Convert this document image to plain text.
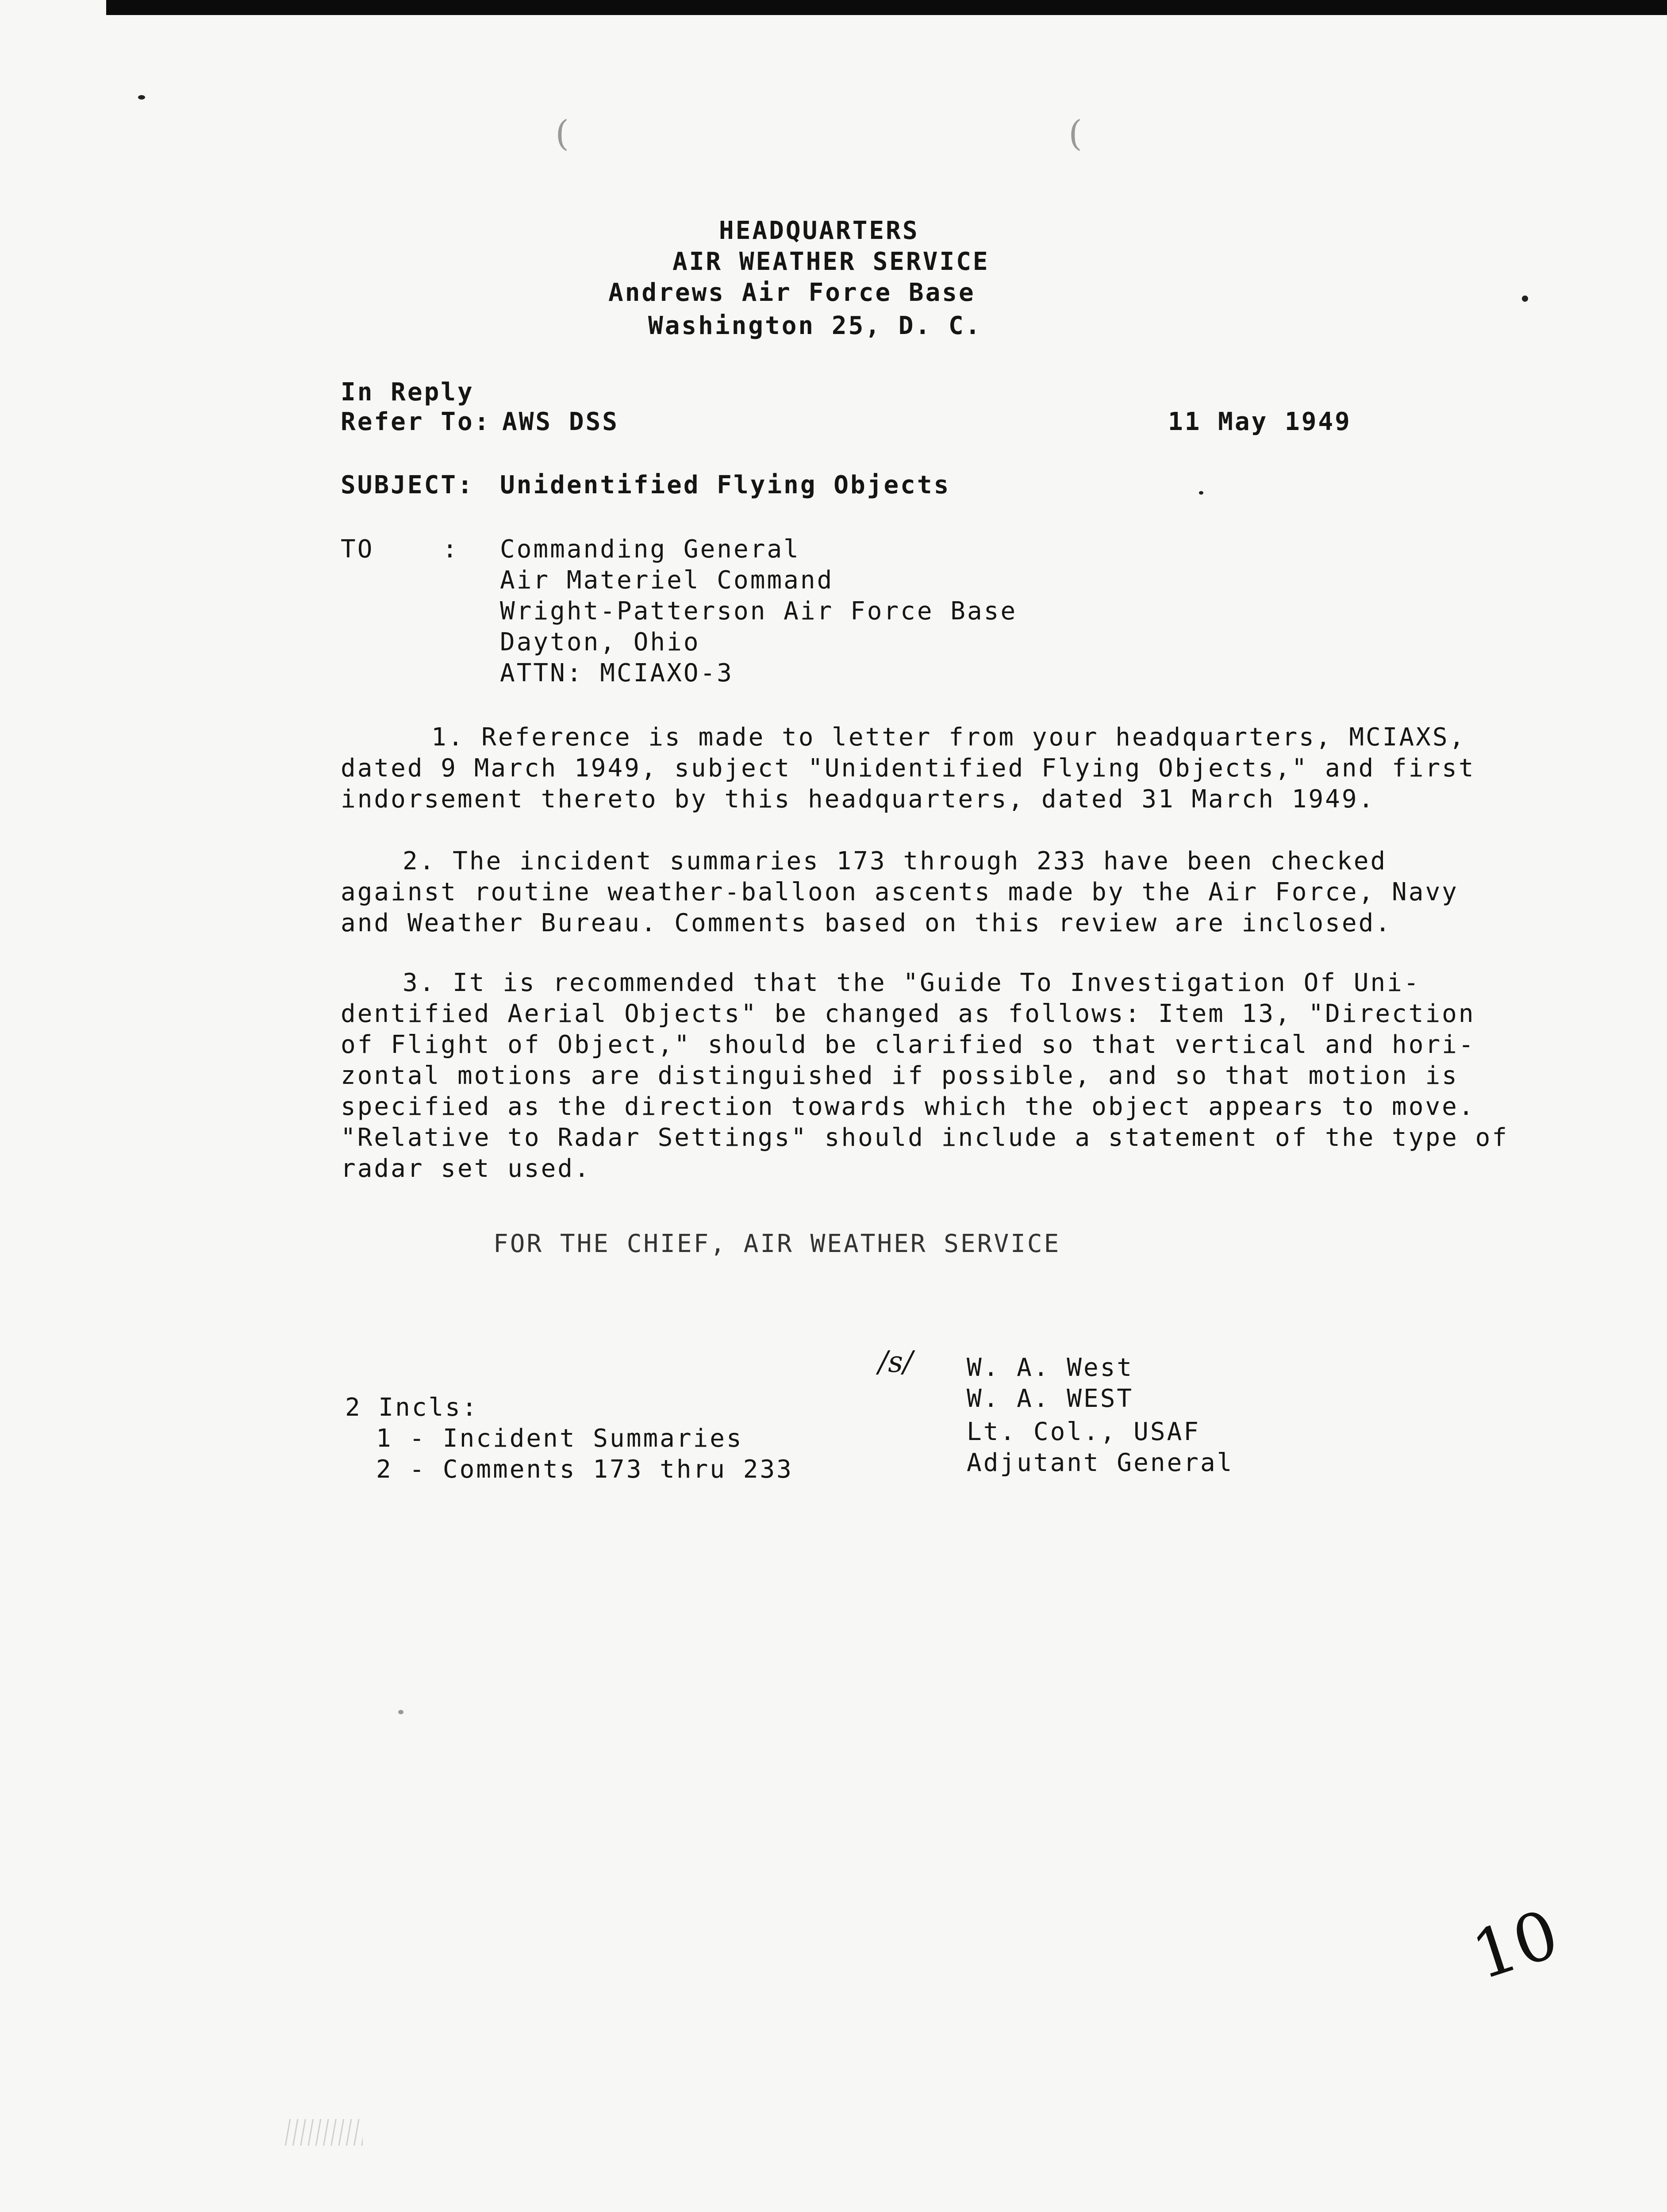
(	(
HEADQUARTERS
AIR WEATHER SERVICE
Andrews Air Force Base
Washington 25, D. C.
In Reply
Refer To: AWS DSS	11 May 1949
SUBJECT: Unidentified Flying Objects
TO	: Commanding General
Air Materiel Command
Wright-Patterson Air Force Base
Dayton, Ohio
ATTN: MCIAXO-3
1. Reference is made to letter from your headquarters, MCIAXS,
dated 9 March 1949, subject "Unidentified Flying Objects," and first
indorsement thereto by this headquarters, dated 31 March 1949.
2. The incident summaries 173 through 233 have been checked
against routine weather-balloon ascents made by the Air Force, Navy
and Weather Bureau. Comments based on this review are inclosed.
3. It is recommended that the "Guide To Investigation Of Uni-
dentified Aerial Objects" be changed as follows: Item 13, "Direction
of Flight of Object," should be clarified so that vertical and hori-
zontal motions are distinguished if possible, and so that motion is
specified as the direction towards which the object appears to move.
"Relative to Radar Settings" should include a statement of the type of
radar set used.
FOR THE CHIEF, AIR WEATHER SERVICE
/s/ W. A. West
W. A. WEST
Lt. Col., USAF
Adjutant General
2 Incls:
1 - Incident Summaries
2 - Comments 173 thru 233
10
